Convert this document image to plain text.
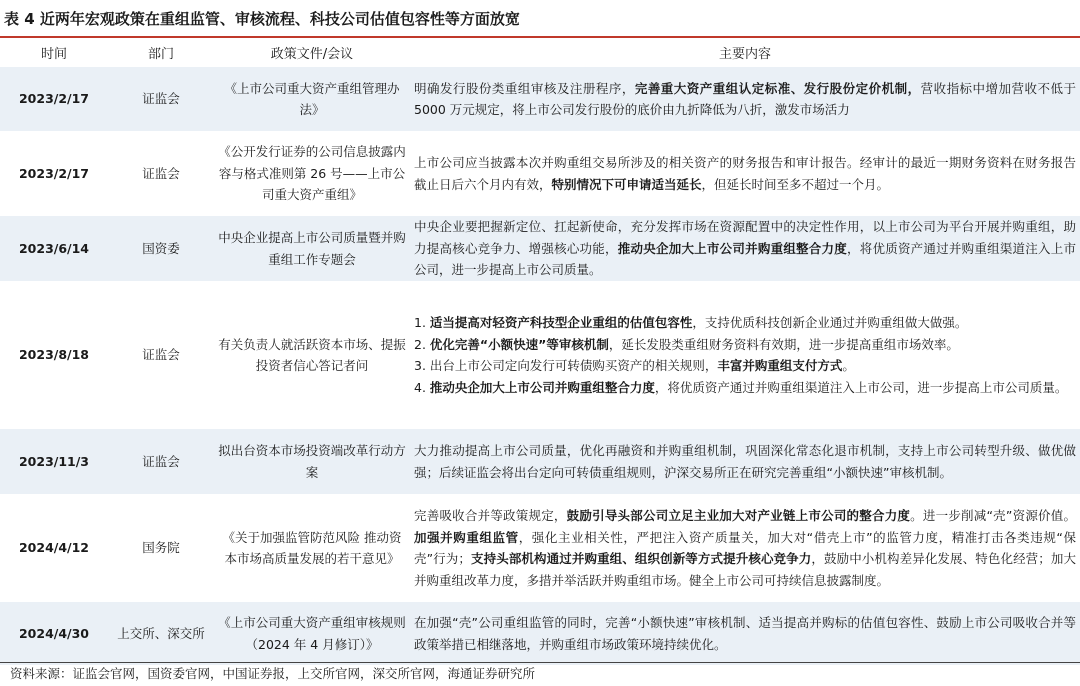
表 4 近两年宏观政策在重组监管、审核流程、科技公司估值包容性等方面放宽
时间	部门	政策文件/会议	主要内容
2023/2/17	证监会	《上市公司重大资产重组管理办法》	明确发行股份类重组审核及注册程序，完善重大资产重组认定标准、发行股份定价机制，营收指标中增加营收不低于 5000 万元规定，将上市公司发行股份的底价由九折降低为八折，激发市场活力
2023/2/17	证监会	《公开发行证券的公司信息披露内容与格式准则第 26 号——上市公司重大资产重组》	上市公司应当披露本次并购重组交易所涉及的相关资产的财务报告和审计报告。经审计的最近一期财务资料在财务报告截止日后六个月内有效，特别情况下可申请适当延长，但延长时间至多不超过一个月。
2023/6/14	国资委	中央企业提高上市公司质量暨并购重组工作专题会	中央企业要把握新定位、扛起新使命，充分发挥市场在资源配置中的决定性作用，以上市公司为平台开展并购重组，助力提高核心竞争力、增强核心功能，推动央企加大上市公司并购重组整合力度，将优质资产通过并购重组渠道注入上市公司，进一步提高上市公司质量。
2023/8/18	证监会	有关负责人就活跃资本市场、提振投资者信心答记者问	1. 适当提高对轻资产科技型企业重组的估值包容性，支持优质科技创新企业通过并购重组做大做强。
2. 优化完善“小额快速”等审核机制，延长发股类重组财务资料有效期，进一步提高重组市场效率。
3. 出台上市公司定向发行可转债购买资产的相关规则，丰富并购重组支付方式。
4. 推动央企加大上市公司并购重组整合力度，将优质资产通过并购重组渠道注入上市公司，进一步提高上市公司质量。

2023/11/3	证监会	拟出台资本市场投资端改革行动方案	大力推动提高上市公司质量，优化再融资和并购重组机制，巩固深化常态化退市机制，支持上市公司转型升级、做优做强；后续证监会将出台定向可转债重组规则，沪深交易所正在研究完善重组“小额快速”审核机制。
2024/4/12	国务院	《关于加强监管防范风险 推动资本市场高质量发展的若干意见》	完善吸收合并等政策规定，鼓励引导头部公司立足主业加大对产业链上市公司的整合力度。进一步削减“壳”资源价值。加强并购重组监管，强化主业相关性，严把注入资产质量关，加大对“借壳上市”的监管力度，精准打击各类违规“保壳”行为；支持头部机构通过并购重组、组织创新等方式提升核心竞争力，鼓励中小机构差异化发展、特色化经营；加大并购重组改革力度，多措并举活跃并购重组市场。健全上市公司可持续信息披露制度。
2024/4/30	上交所、深交所	《上市公司重大资产重组审核规则（2024 年 4 月修订）》	在加强“壳”公司重组监管的同时，完善“小额快速”审核机制、适当提高并购标的估值包容性、鼓励上市公司吸收合并等政策举措已相继落地，并购重组市场政策环境持续优化。
资料来源：证监会官网，国资委官网，中国证券报，上交所官网，深交所官网，海通证券研究所
